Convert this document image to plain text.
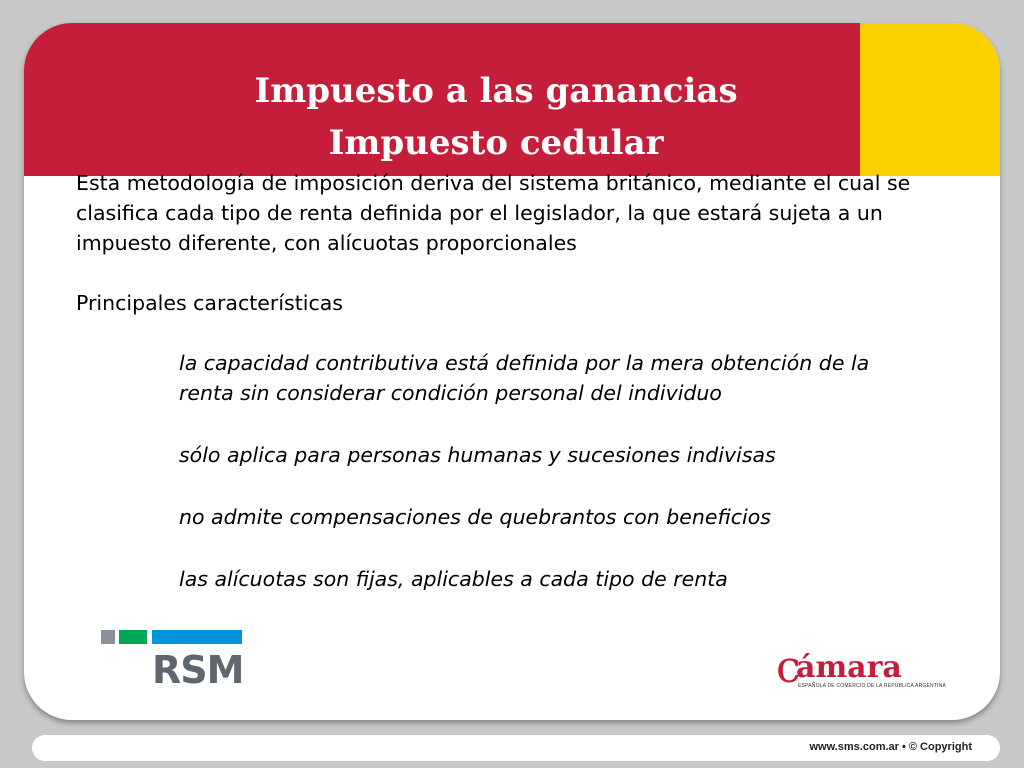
Impuesto a las ganancias
Impuesto cedular

Esta metodología de imposición deriva del sistema británico, mediante el cual se clasifica cada tipo de renta definida por el legislador, la que estará sujeta a un impuesto diferente, con alícuotas proporcionales

Principales características

la capacidad contributiva está definida por la mera obtención de la renta sin considerar condición personal del individuo
sólo aplica para personas humanas y sucesiones indivisas
no admite compensaciones de quebrantos con beneficios
las alícuotas son fijas, aplicables a cada tipo de renta
RSM	c
ámara
ESPAÑOLA DE COMERCIO DE LA REPÚBLICA ARGENTINA
www.sms.com.ar • © Copyright
